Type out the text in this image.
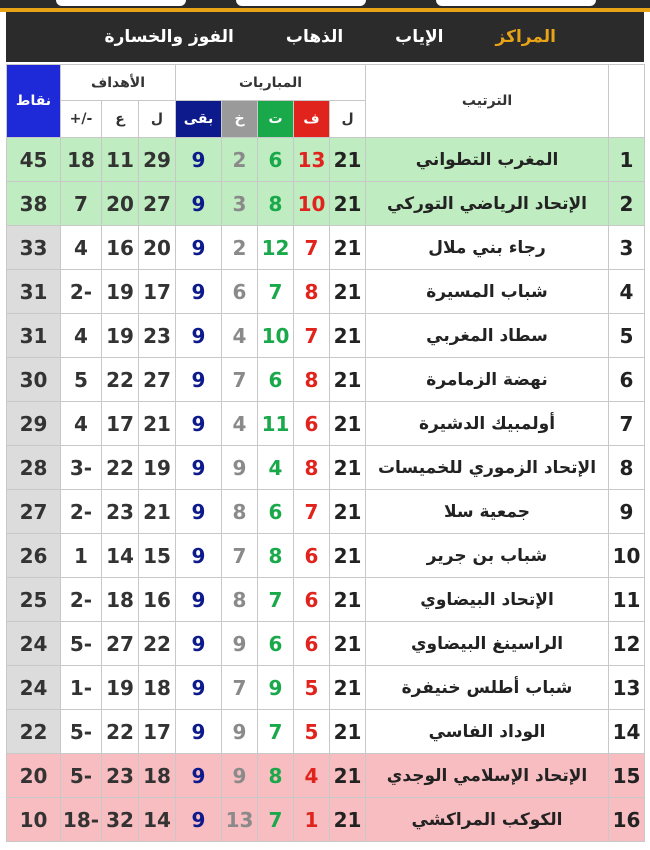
الفوز والخسارة	الذهاب	الإياب	المراكز
نقاط	الأهداف			المباريات					الترتيب	
	+/-	ع	ل	بقى	خ	ت	ف	ل		
45	18	11	29	9	2	6	13	21	المغرب التطواني	1
38	7	20	27	9	3	8	10	21	الإتحاد الرياضي التوركي	2
33	4	16	20	9	2	12	7	21	رجاء بني ملال	3
31	2-	19	17	9	6	7	8	21	شباب المسيرة	4
31	4	19	23	9	4	10	7	21	سطاد المغربي	5
30	5	22	27	9	7	6	8	21	نهضة الزمامرة	6
29	4	17	21	9	4	11	6	21	أولمبيك الدشيرة	7
28	3-	22	19	9	9	4	8	21	الإتحاد الزموري للخميسات	8
27	2-	23	21	9	8	6	7	21	جمعية سلا	9
26	1	14	15	9	7	8	6	21	شباب بن جرير	10
25	2-	18	16	9	8	7	6	21	الإتحاد البيضاوي	11
24	5-	27	22	9	9	6	6	21	الراسينغ البيضاوي	12
24	1-	19	18	9	7	9	5	21	شباب أطلس خنيفرة	13
22	5-	22	17	9	9	7	5	21	الوداد الفاسي	14
20	5-	23	18	9	9	8	4	21	الإتحاد الإسلامي الوجدي	15
10	18-	32	14	9	13	7	1	21	الكوكب المراكشي	16
